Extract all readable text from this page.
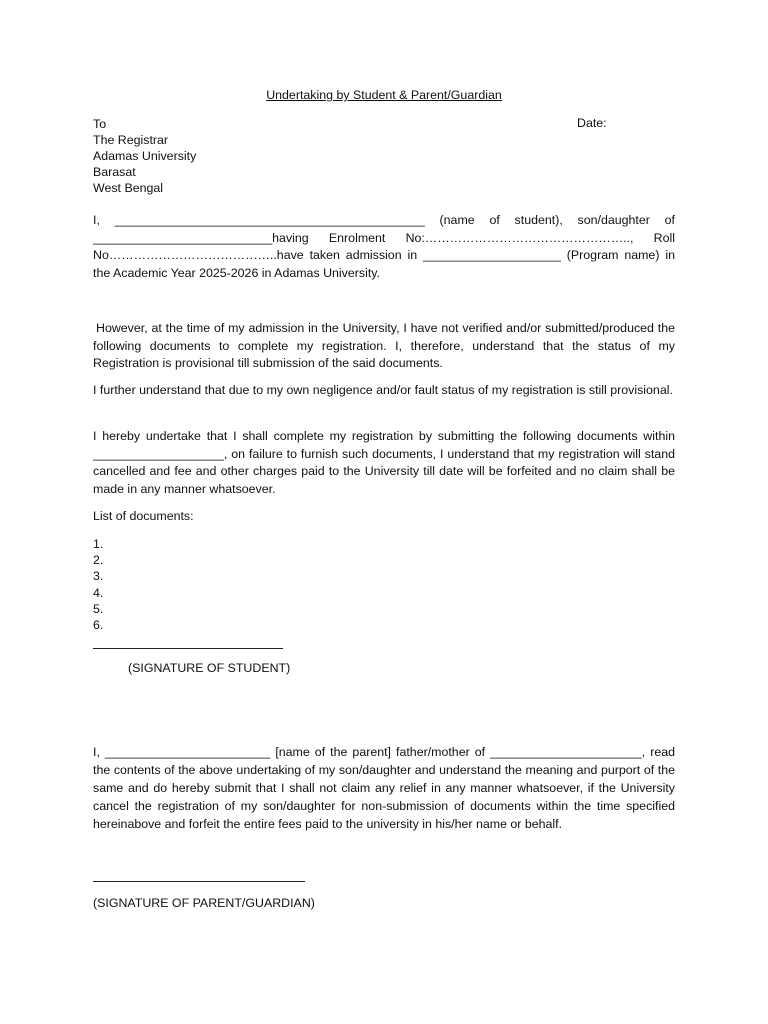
Undertaking by Student & Parent/Guardian
To
The Registrar
Adamas University
Barasat
West Bengal
Date:
I, _____________________________________________ (name of student), son/daughter of __________________________having Enrolment No:………………………………………….., Roll No…………………………………..have taken admission in ____________________ (Program name) in the Academic Year 2025-2026 in Adamas University.
However, at the time of my admission in the University, I have not verified and/or submitted/produced the following documents to complete my registration. I, therefore, understand that the status of my Registration is provisional till submission of the said documents.
I further understand that due to my own negligence and/or fault status of my registration is still provisional.
I hereby undertake that I shall complete my registration by submitting the following documents within ___________________, on failure to furnish such documents, I understand that my registration will stand cancelled and fee and other charges paid to the University till date will be forfeited and no claim shall be made in any manner whatsoever.
List of documents:
1.
2.
3.
4.
5.
6.
(SIGNATURE OF STUDENT)
I, ________________________ [name of the parent] father/mother of ______________________, read the contents of the above undertaking of my son/daughter and understand the meaning and purport of the same and do hereby submit that I shall not claim any relief in any manner whatsoever, if the University cancel the registration of my son/daughter for non-submission of documents within the time specified hereinabove and forfeit the entire fees paid to the university in his/her name or behalf.
(SIGNATURE OF PARENT/GUARDIAN)
